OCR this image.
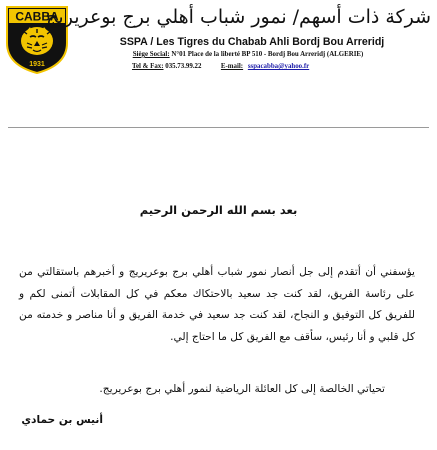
CABBA
1931
شركة ذات أسهم/ نمور شباب أهلي برج بوعريريج
SSPA / Les Tigres du Chabab Ahli Bordj Bou Arreridj
Siège Social: N°01 Place de la liberté BP 510 - Bordj Bou Arreridj (ALGERIE)
Tel & Fax: 035.73.99.22	E-mail: sspacabba@yahoo.fr
بعد بسم الله الرحمن الرحيم
يؤسفني أن أتقدم إلى جل أنصار نمور شباب أهلي برج بوعريريج و أخبرهم باستقالتي من على رئاسة الفريق، لقد كنت جد سعيد بالاحتكاك معكم في كل المقابلات أتمنى لكم و للفريق كل التوفيق و النجاح، لقد كنت جد سعيد في خدمة الفريق و أنا مناصر و خدمته من كل قلبي و أنا رئيس، سأقف مع الفريق كل ما احتاج إلي.
تحياتي الخالصة إلى كل العائلة الرياضية لنمور أهلي برج بوعريريج.
أنيس بن حمادي
